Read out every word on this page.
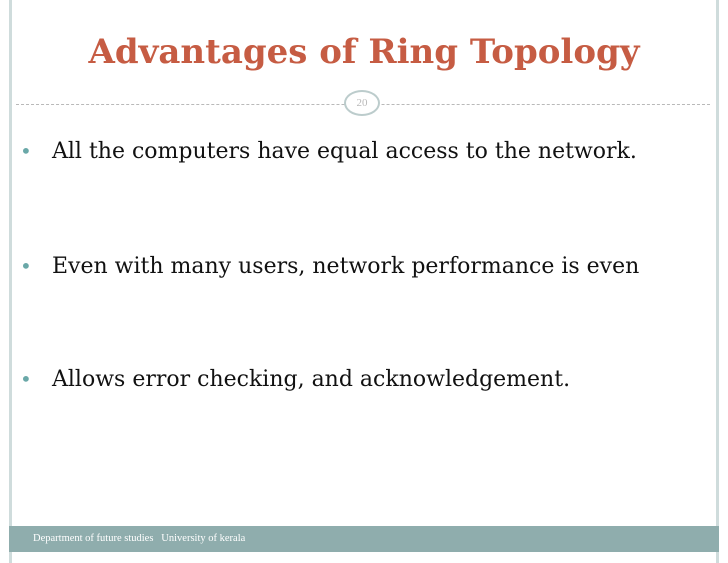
Advantages of Ring Topology
20
• All the computers have equal access to the network.
• Even with many users, network performance is even
• Allows error checking, and acknowledgement.
Department of future studies University of kerala
